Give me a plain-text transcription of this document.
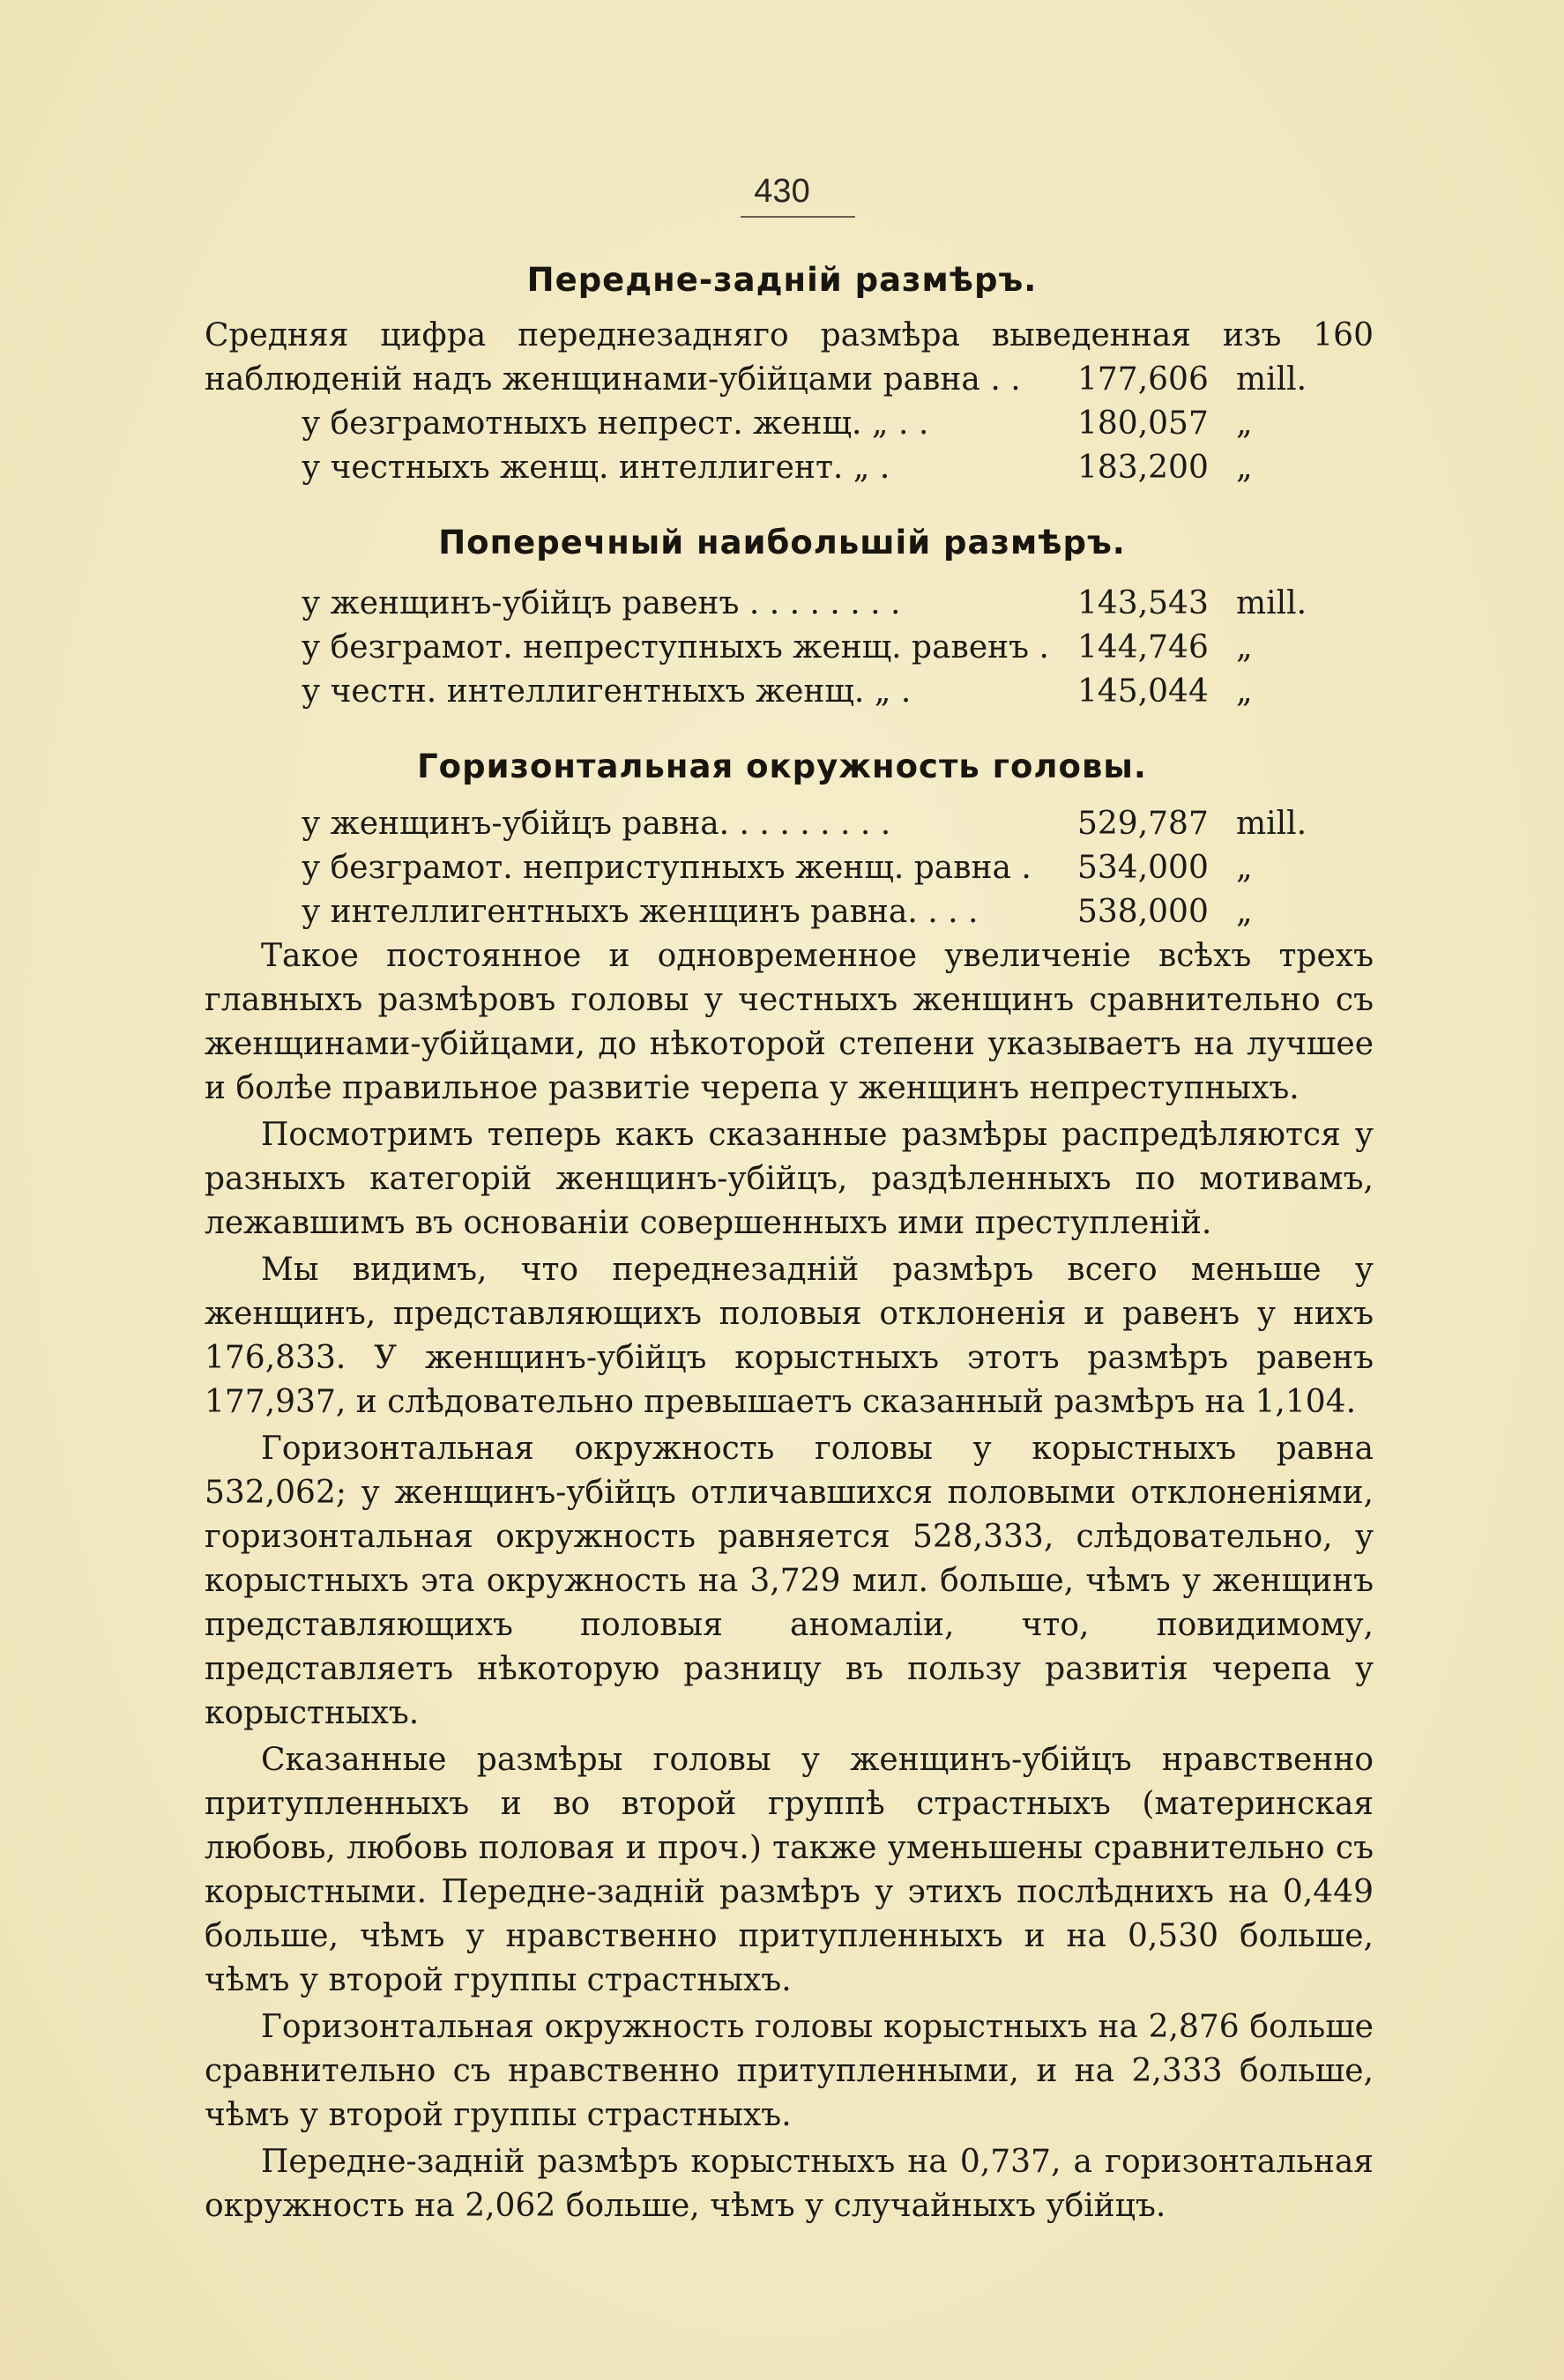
430
Передне-заднiй размѣръ.

Средняя цифра переднезадняго размѣра выведенная изъ 160

наблюденiй надъ женщинами-убiйцами равна . . 177,606 mill.
у безграмотныхъ непрест. женщ. „ . .	180,057 „
у честныхъ женщ. интеллигент. „ .	183,200 „
Поперечный наибольшiй размѣръ.
у женщинъ-убiйцъ равенъ . . . . . . . .	143,543 mill.
у безграмот. непреступныхъ женщ. равенъ . 144,746 „
у честн. интеллигентныхъ женщ. „ .	145,044 „
Горизонтальная окружность головы.
у женщинъ-убiйцъ равна. . . . . . . . .	529,787 mill.
у безграмот. неприступныхъ женщ. равна . 534,000 „
у интеллигентныхъ женщинъ равна. . . .	538,000 „

Такое постоянное и одновременное увеличенiе всѣхъ трехъ главныхъ размѣровъ головы у честныхъ женщинъ сравнительно съ женщинами-убiйцами, до нѣкоторой степени указываетъ на лучшее и болѣе правильное развитiе черепа у женщинъ непреступныхъ.

Посмотримъ теперь какъ сказанные размѣры распредѣляются у разныхъ категорiй женщинъ-убiйцъ, раздѣленныхъ по мотивамъ, лежавшимъ въ основанiи совершенныхъ ими преступленiй.

Мы видимъ, что переднезаднiй размѣръ всего меньше у женщинъ, представляющихъ половыя отклоненiя и равенъ у нихъ 176,833. У женщинъ-убiйцъ корыстныхъ этотъ размѣръ равенъ 177,937, и слѣдовательно превышаетъ сказанный размѣръ на 1,104.

Горизонтальная окружность головы у корыстныхъ равна 532,062; у женщинъ-убiйцъ отличавшихся половыми отклоненiями, горизонтальная окружность равняется 528,333, слѣдовательно, у корыстныхъ эта окружность на 3,729 мил. больше, чѣмъ у женщинъ представляющихъ половыя аномалiи, что, повидимому, представляетъ нѣкоторую разницу въ пользу развитiя черепа у корыстныхъ.

Сказанные размѣры головы у женщинъ-убiйцъ нравственно притупленныхъ и во второй группѣ страстныхъ (материнская любовь, любовь половая и проч.) также уменьшены сравнительно съ корыстными. Передне-заднiй размѣръ у этихъ послѣднихъ на 0,449 больше, чѣмъ у нравственно притупленныхъ и на 0,530 больше, чѣмъ у второй группы страстныхъ.

Горизонтальная окружность головы корыстныхъ на 2,876 больше сравнительно съ нравственно притупленными, и на 2,333 больше, чѣмъ у второй группы страстныхъ.

Передне-заднiй размѣръ корыстныхъ на 0,737, а горизонтальная окружность на 2,062 больше, чѣмъ у случайныхъ убiйцъ.
